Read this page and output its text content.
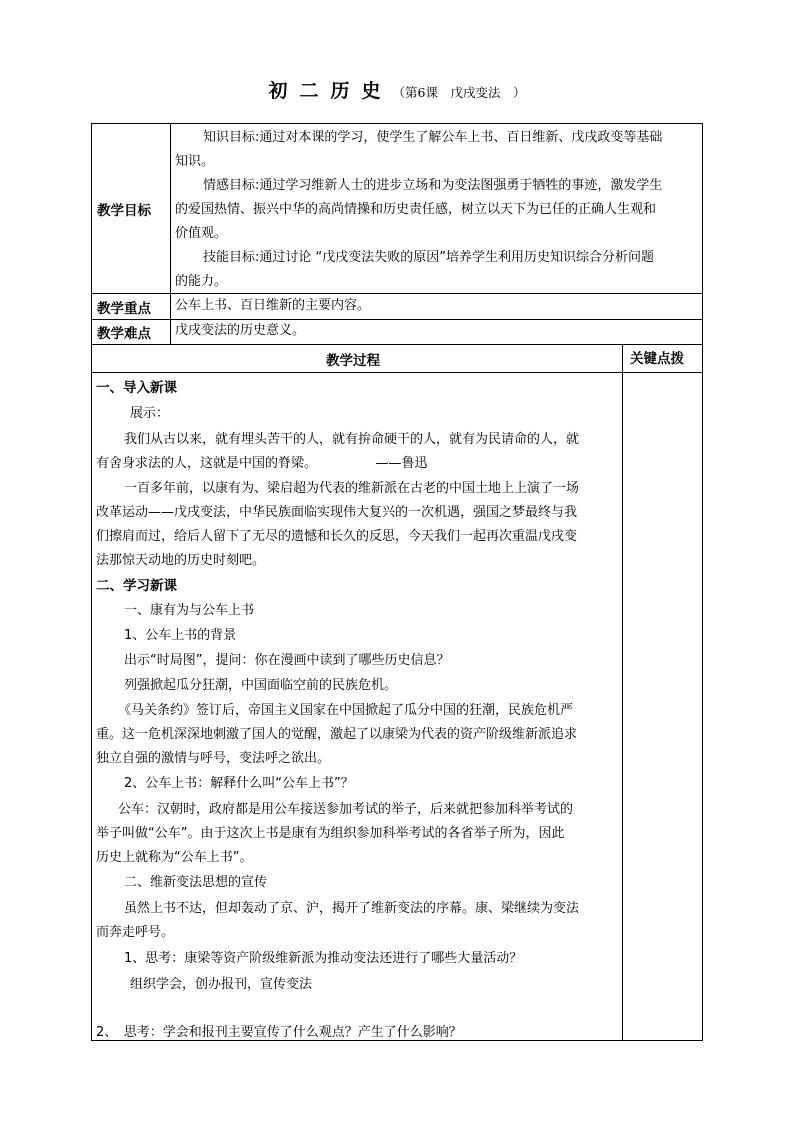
初二历史（第6课　戊戌变法　）
教学目标
知识目标:通过对本课的学习，使学生了解公车上书、百日维新、戊戌政变等基础
知识。
情感目标:通过学习维新人士的进步立场和为变法图强勇于牺牲的事迹，激发学生
的爱国热情、振兴中华的高尚情操和历史责任感，树立以天下为已任的正确人生观和
价值观。
技能目标:通过讨论 “戊戌变法失败的原因”培养学生利用历史知识综合分析问题
的能力。
教学重点 公车上书、百日维新的主要内容。
教学难点 戊戌变法的历史意义。
教学过程	关键点拨
一、导入新课
展示：
我们从古以来，就有埋头苦干的人，就有拚命硬干的人，就有为民请命的人，就
有舍身求法的人，这就是中国的脊梁。　　　　　——鲁迅
一百多年前，以康有为、梁启超为代表的维新派在古老的中国土地上上演了一场
改革运动——戊戌变法，中华民族面临实现伟大复兴的一次机遇，强国之梦最终与我
们擦肩而过，给后人留下了无尽的遗憾和长久的反思，今天我们一起再次重温戊戌变
法那惊天动地的历史时刻吧。
二、学习新课
一、康有为与公车上书
1、公车上书的背景
出示“时局图”，提问：你在漫画中读到了哪些历史信息？
列强掀起瓜分狂潮，中国面临空前的民族危机。
《马关条约》签订后，帝国主义国家在中国掀起了瓜分中国的狂潮，民族危机严
重。这一危机深深地刺激了国人的觉醒，激起了以康梁为代表的资产阶级维新派追求
独立自强的激情与呼号，变法呼之欲出。
2、公车上书：解释什么叫“公车上书”？
公车：汉朝时，政府都是用公车接送参加考试的举子，后来就把参加科举考试的
举子叫做“公车”。由于这次上书是康有为组织参加科举考试的各省举子所为，因此
历史上就称为“公车上书”。
二、维新变法思想的宣传
虽然上书不达，但却轰动了京、沪，揭开了维新变法的序幕。康、梁继续为变法
而奔走呼号。
1、思考：康梁等资产阶级维新派为推动变法还进行了哪些大量活动？
组织学会，创办报刊，宣传变法
2、　思考：学会和报刊主要宣传了什么观点？产生了什么影响？
